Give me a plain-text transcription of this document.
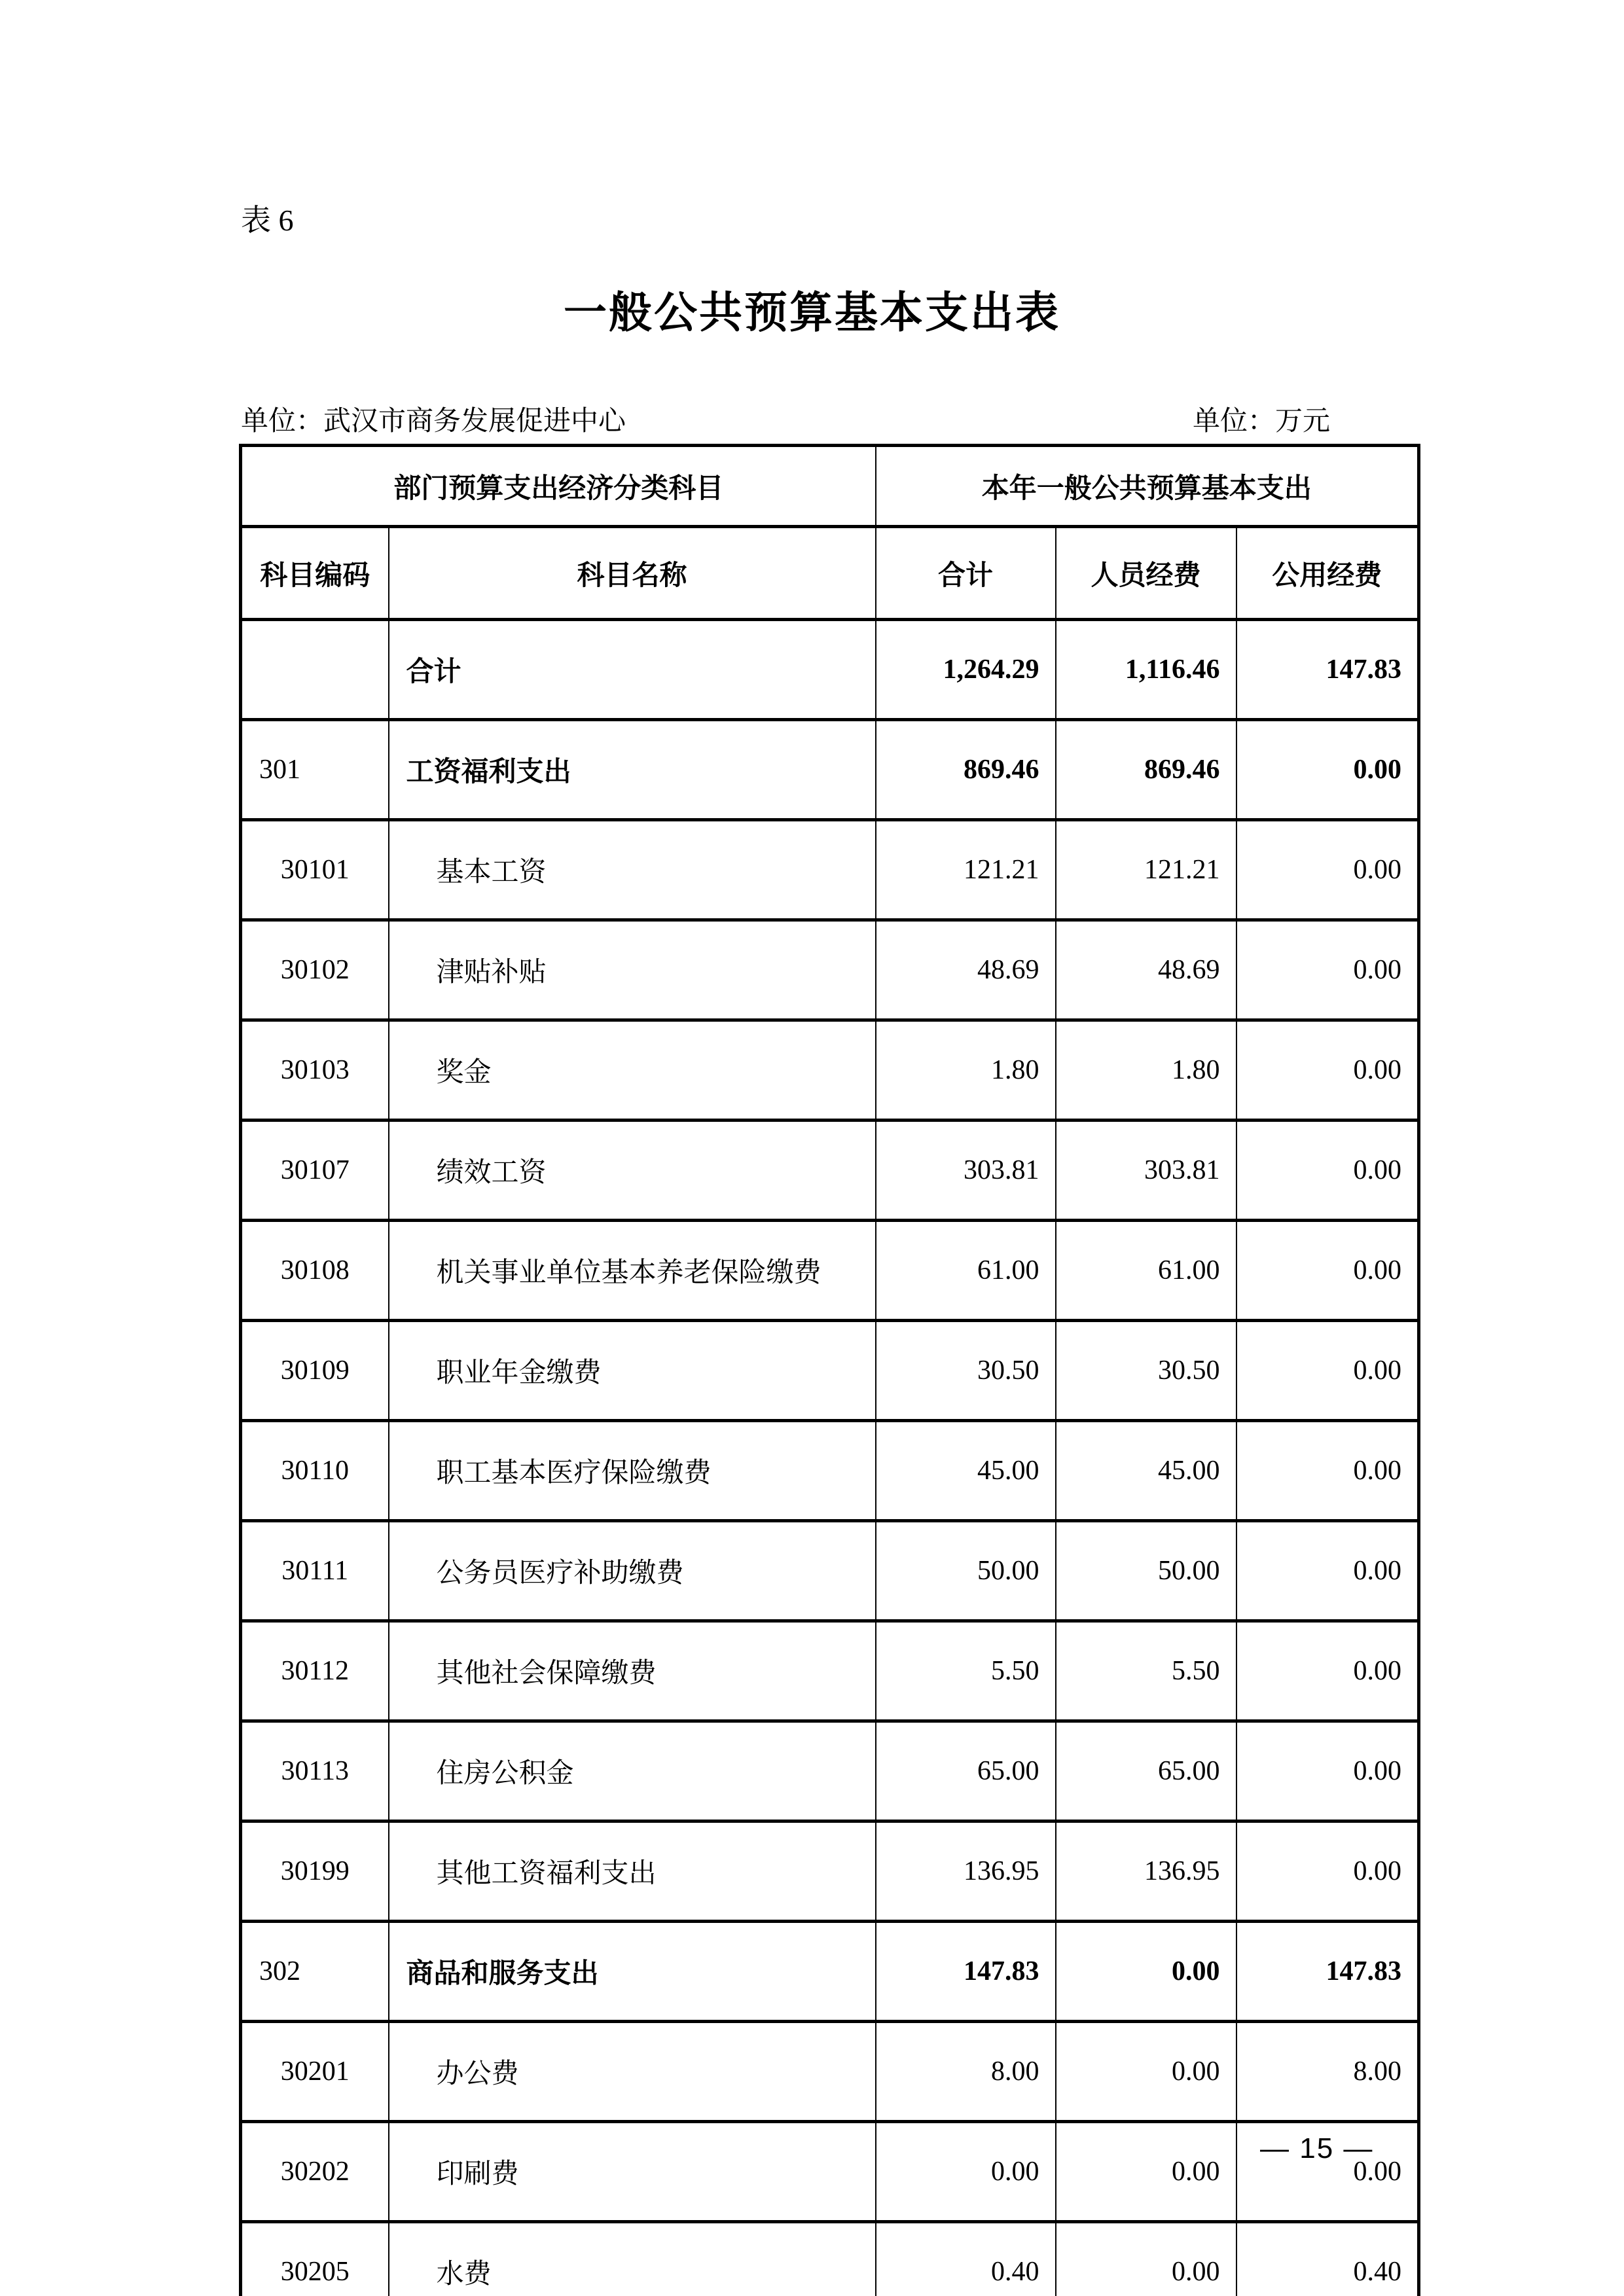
表 6
一般公共预算基本支出表
单位：武汉市商务发展促进中心	单位：万元
部门预算支出经济分类科目		本年一般公共预算基本支出		
科目编码	科目名称	合计	人员经费	公用经费
	合计	1,264.29	1,116.46	147.83
301	工资福利支出	869.46	869.46	0.00
30101	基本工资	121.21	121.21	0.00
30102	津贴补贴	48.69	48.69	0.00
30103	奖金	1.80	1.80	0.00
30107	绩效工资	303.81	303.81	0.00
30108	机关事业单位基本养老保险缴费	61.00	61.00	0.00
30109	职业年金缴费	30.50	30.50	0.00
30110	职工基本医疗保险缴费	45.00	45.00	0.00
30111	公务员医疗补助缴费	50.00	50.00	0.00
30112	其他社会保障缴费	5.50	5.50	0.00
30113	住房公积金	65.00	65.00	0.00
30199	其他工资福利支出	136.95	136.95	0.00
302	商品和服务支出	147.83	0.00	147.83
30201	办公费	8.00	0.00	8.00
30202	印刷费	0.00	0.00	0.00
30205	水费	0.40	0.00	0.40
— 15 —
